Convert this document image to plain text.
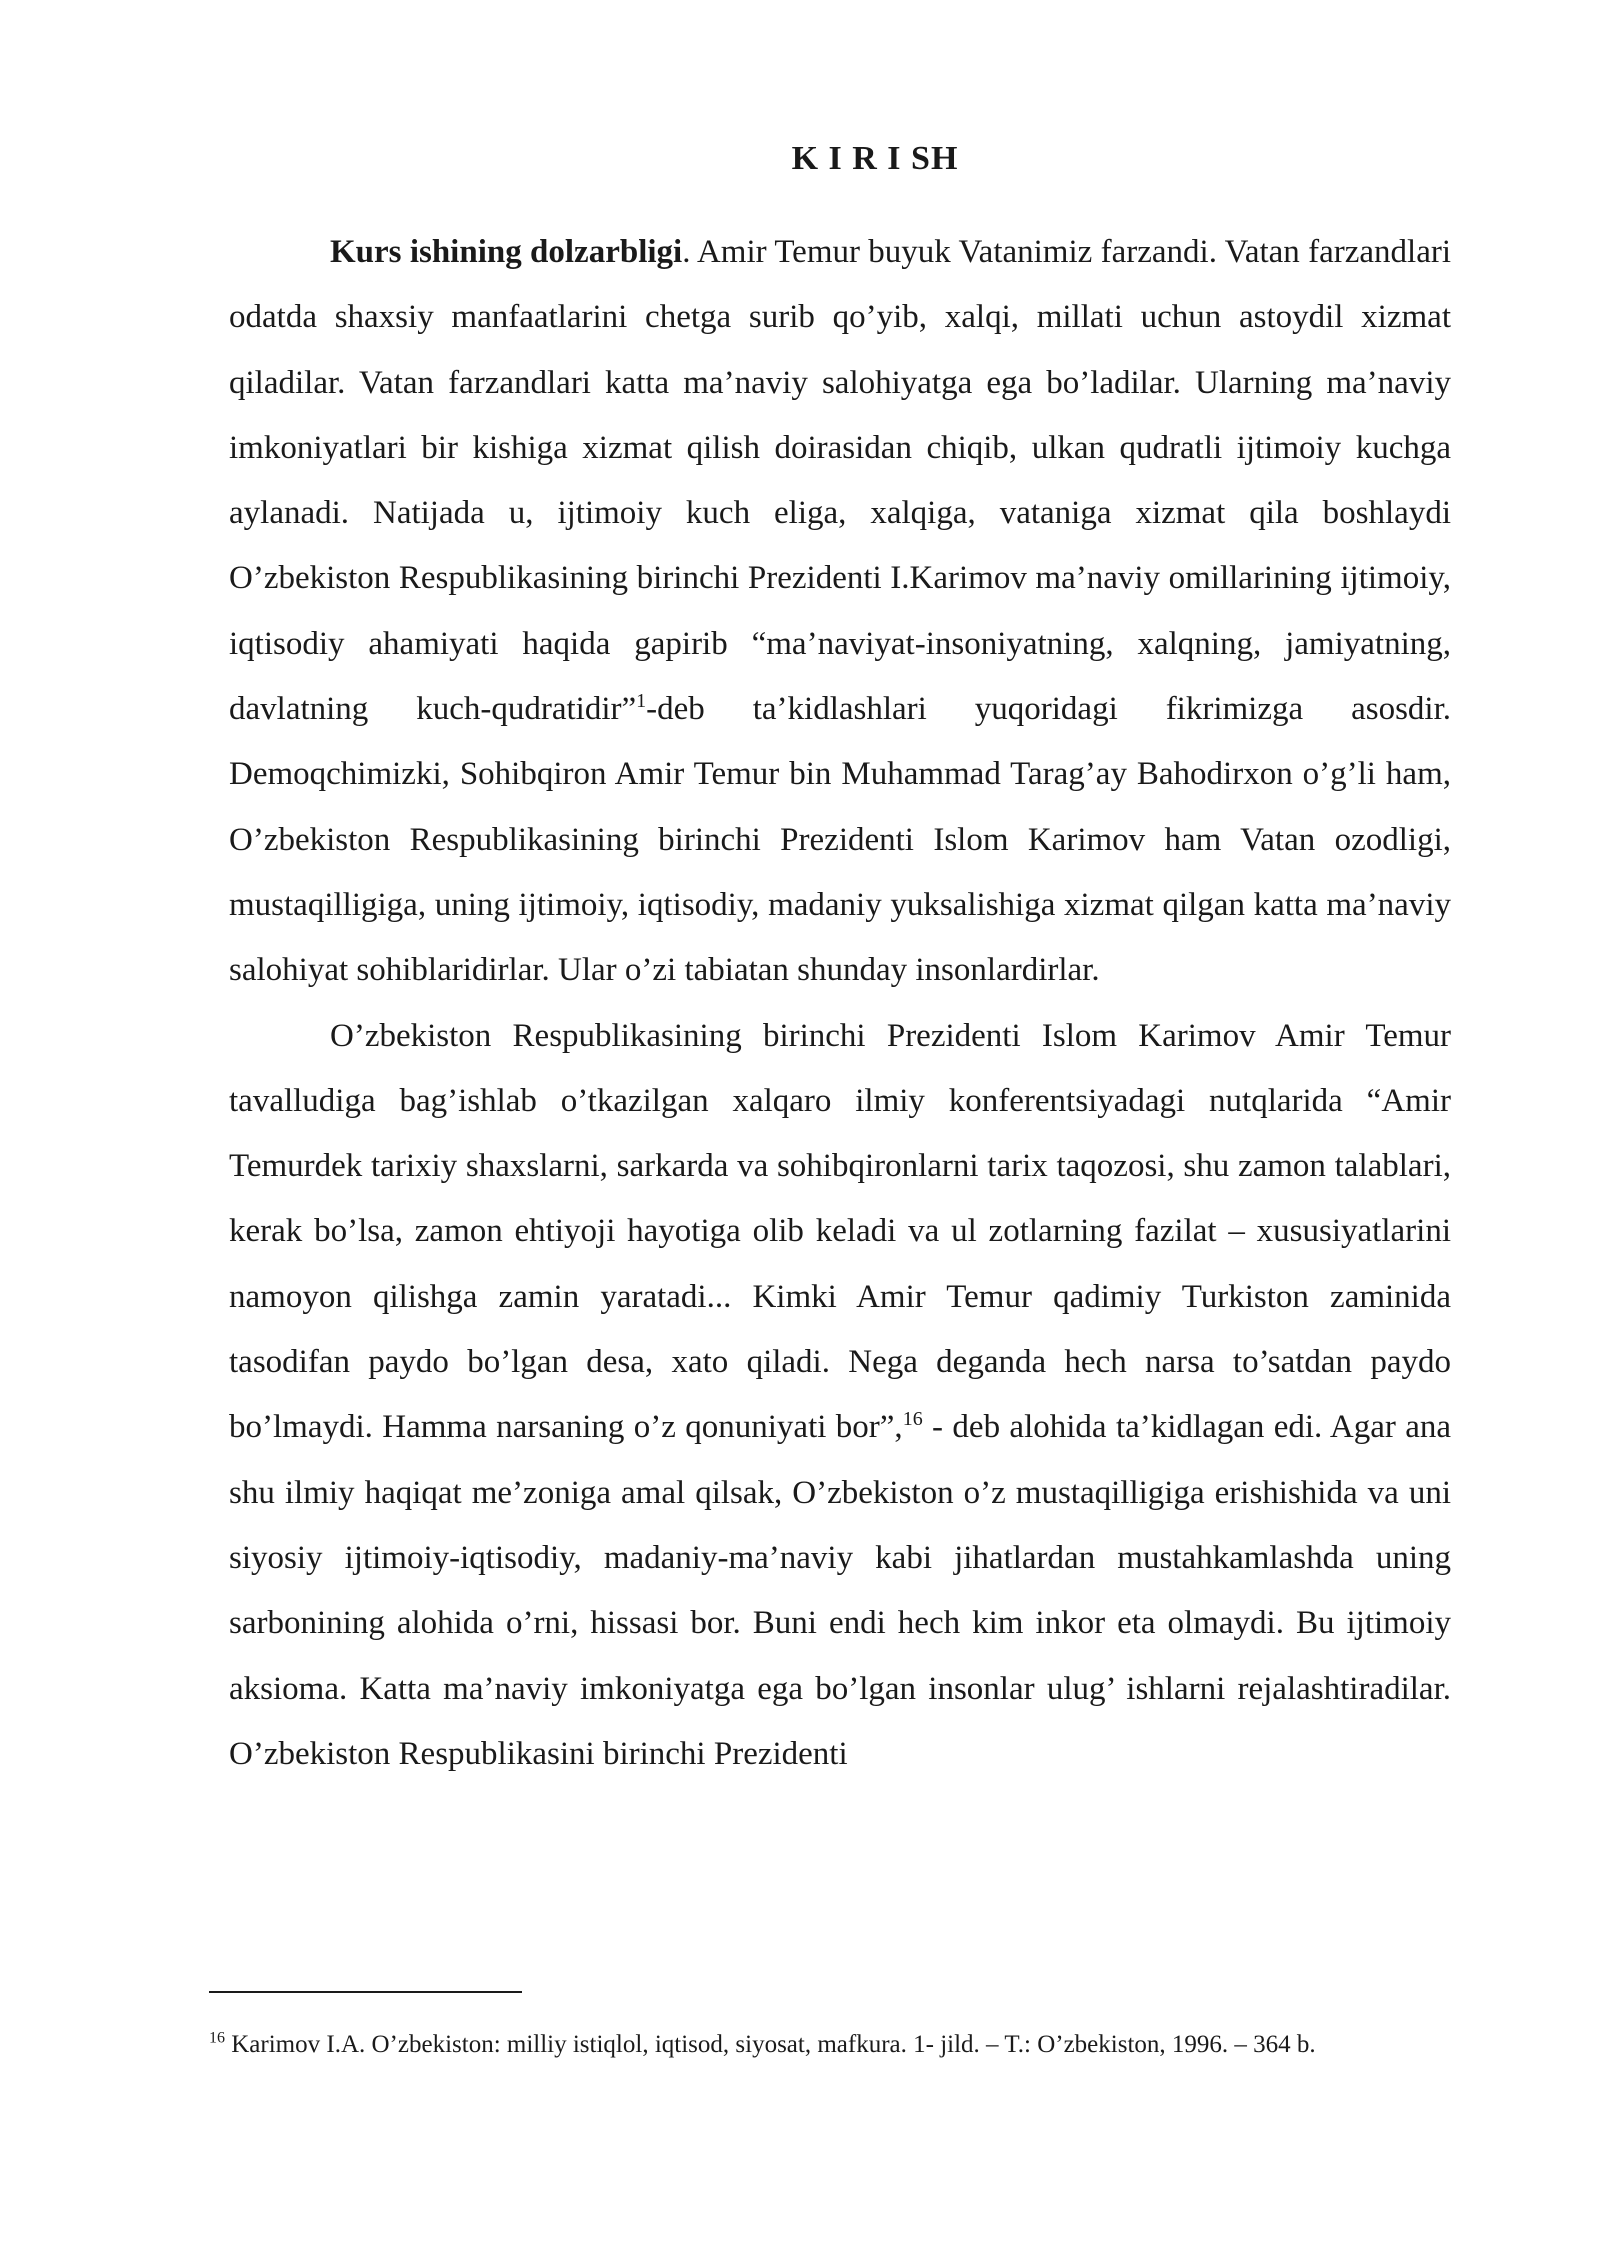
K I R I SH

Kurs ishining dolzarbligi. Amir Temur buyuk Vatanimiz farzandi. Vatan farzandlari odatda shaxsiy manfaatlarini chetga surib qo’yib, xalqi, millati uchun astoydil xizmat qiladilar. Vatan farzandlari katta ma’naviy salohiyatga ega bo’ladilar. Ularning ma’naviy imkoniyatlari bir kishiga xizmat qilish doirasidan chiqib, ulkan qudratli ijtimoiy kuchga aylanadi. Natijada u, ijtimoiy kuch eliga, xalqiga, vataniga xizmat qila boshlaydi O’zbekiston Respublikasining birinchi Prezidenti I.Karimov ma’naviy omillarining ijtimoiy, iqtisodiy ahamiyati haqida gapirib “ma’naviyat-insoniyatning, xalqning, jamiyatning, davlatning kuch-qudratidir”$^1$-deb ta’kidlashlari yuqoridagi fikrimizga asosdir. Demoqchimizki, Sohibqiron Amir Temur bin Muhammad Tarag’ay Bahodirxon o’g’li ham, O’zbekiston Respublikasining birinchi Prezidenti Islom Karimov ham Vatan ozodligi, mustaqilligiga, uning ijtimoiy, iqtisodiy, madaniy yuksalishiga xizmat qilgan katta ma’naviy salohiyat sohiblaridirlar. Ular o’zi tabiatan shunday insonlardirlar.

O’zbekiston Respublikasining birinchi Prezidenti Islom Karimov Amir Temur tavalludiga bag’ishlab o’tkazilgan xalqaro ilmiy konferentsiyadagi nutqlarida “Amir Temurdek tarixiy shaxslarni, sarkarda va sohibqironlarni tarix taqozosi, shu zamon talablari, kerak bo’lsa, zamon ehtiyoji hayotiga olib keladi va ul zotlarning fazilat – xususiyatlarini namoyon qilishga zamin yaratadi... Kimki Amir Temur qadimiy Turkiston zaminida tasodifan paydo bo’lgan desa, xato qiladi. Nega deganda hech narsa to’satdan paydo bo’lmaydi. Hamma narsaning o’z qonuniyati bor”,$^{16}$ - deb alohida ta’kidlagan edi. Agar ana shu ilmiy haqiqat me’zoniga amal qilsak, O’zbekiston o’z mustaqilligiga erishishida va uni siyosiy ijtimoiy-iqtisodiy, madaniy-ma’naviy kabi jihatlardan mustahkamlashda uning sarbonining alohida o’rni, hissasi bor. Buni endi hech kim inkor eta olmaydi. Bu ijtimoiy aksioma. Katta ma’naviy imkoniyatga ega bo’lgan insonlar ulug’ ishlarni rejalashtiradilar. O’zbekiston Respublikasini birinchi Prezidenti

$^{16}$ Karimov I.A. O’zbekiston: milliy istiqlol, iqtisod, siyosat, mafkura. 1- jild. – T.: O’zbekiston, 1996. – 364 b.
